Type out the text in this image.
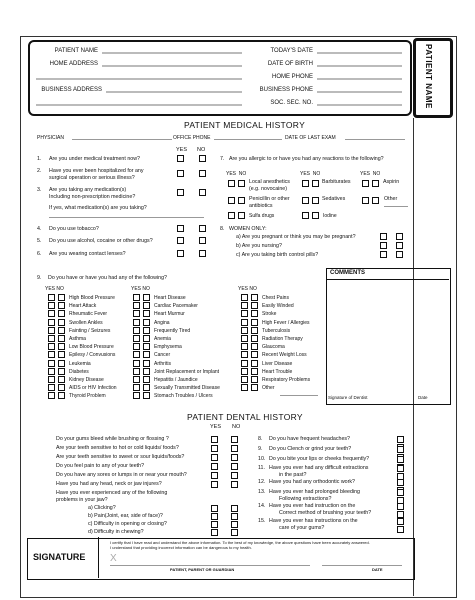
PATIENT NAME
PATIENT NAME
HOME ADDRESS
BUSINESS ADDRESS
TODAY'S DATE
DATE OF BIRTH
HOME PHONE
BUSINESS PHONE
SOC. SEC. NO.
PATIENT MEDICAL HISTORY
PHYSICIAN	OFFICE PHONE	DATE OF LAST EXAM
YES NO
1. Are you under medical treatment now?
2. Have you ever been hospitalized for any
surgical operation or serious illness?
3. Are you taking any medication(s)
Including non-prescription medicine?
If yes, what medication(s) are you taking?
4. Do you use tobacco?
5. Do you use alcohol, cocaine or other drugs?
6. Are you wearing contact lenses?
7. Are you allergic to or have you had any reactions to the following?
YES NO	YES NO	YES NO
Local anesthetics
(e.g. novocaine)
Barbiturates	Aspirin
Penicillin or other
antibiotics
Sedatives	Other
Sulfa drugs	Iodine
8. WOMEN ONLY:
a) Are you pregnant or think you may be pregnant?
b) Are you nursing?
c) Are you taking birth control pills?
9. Do you have or have you had any of the following?
YES NO	YES NO	YES NO
COMMENTS
Signature of Dentist	Date
PATIENT DENTAL HISTORY
YES NO
SIGNATURE
I certify that I have read and understand the above information. To the best of my knowledge, the above questions have been accurately answered.
I understand that providing incorrect information can be dangerous to my health.
X
PATIENT, PARENT OR GUARDIAN	DATE
High Blood Pressure
Heart Attack
Rheumatic Fever
Swollen Ankles
Fainting / Seizures
Asthma
Low Blood Pressure
Epilesy / Convusions
Leukemia
Diabetes
Kidney Disease
AIDS or HIV Infection
Thyroid Problem
Heart Disease
Cardiac Pacemaker
Heart Murmur
Angina
Frequently Tired
Anemia
Emphysema
Cancer
Arthritis
Joint Replacement or Implant
Hepatitis / Jaundice
Sexually Transmitted Disease
Stomach Troubles / Ulcers
Chest Pains
Easily Winded
Stroke
High Fever / Allergies
Tuberculosis
Radiation Therapy
Glaucoma
Recent Weight Loss
Liver Disease
Heart Trouble
Respiratory Problems
Other
Do your gums bleed while brushing or flossing ?
Are your teeth sensitive to hot or cold liquids/ foods?
Are your teeth sensitive to sweet or sour liquids/foods?
Do you feel pain to any of your teeth?
Do you have any sores or lumps in or near your mouth?
Have you had any head, neck or jaw injures?
Have you ever experienced any of the following
problems in your jaw?
a) Clicking?
b) Pain(Joint, ear, side of face)?
c) Difficulty in opening or closing?
d) Difficulty in chewing?
8. Do you have frequent headaches?
9. Do you Clench or grind your teeth?
10. Do you bite your lips or cheeks frequently?
11. Have you ever had any difficult extractions
in the past?
12. Have you had any orthodontic work?
13. Have you ever had prolonged bleeding
Following extractions?
14. Have you ever had instruction on the
Correct method of brushing your teeth?
15. Have you ever has instructions on the
care of your gums?
